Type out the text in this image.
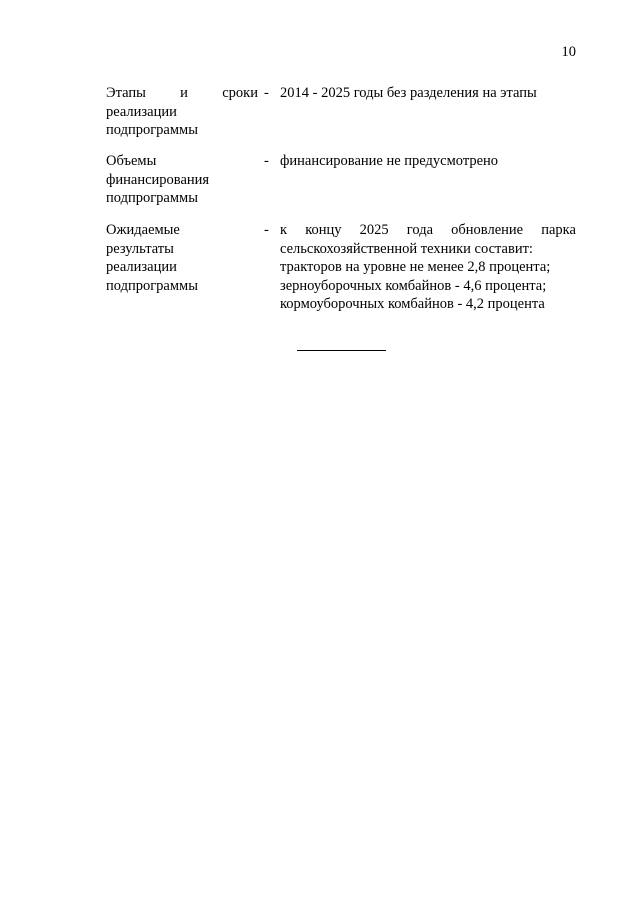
10
Этапы и сроки
реализации
подпрограммы
- 2014 - 2025 годы без разделения на этапы
Объемы
финансирования
подпрограммы
- финансирование не предусмотрено
Ожидаемые
результаты
реализации
подпрограммы
- к концу 2025 года обновление парка
сельскохозяйственной техники составит:
тракторов на уровне не менее 2,8 процента;
зерноуборочных комбайнов - 4,6 процента;
кормоуборочных комбайнов - 4,2 процента
